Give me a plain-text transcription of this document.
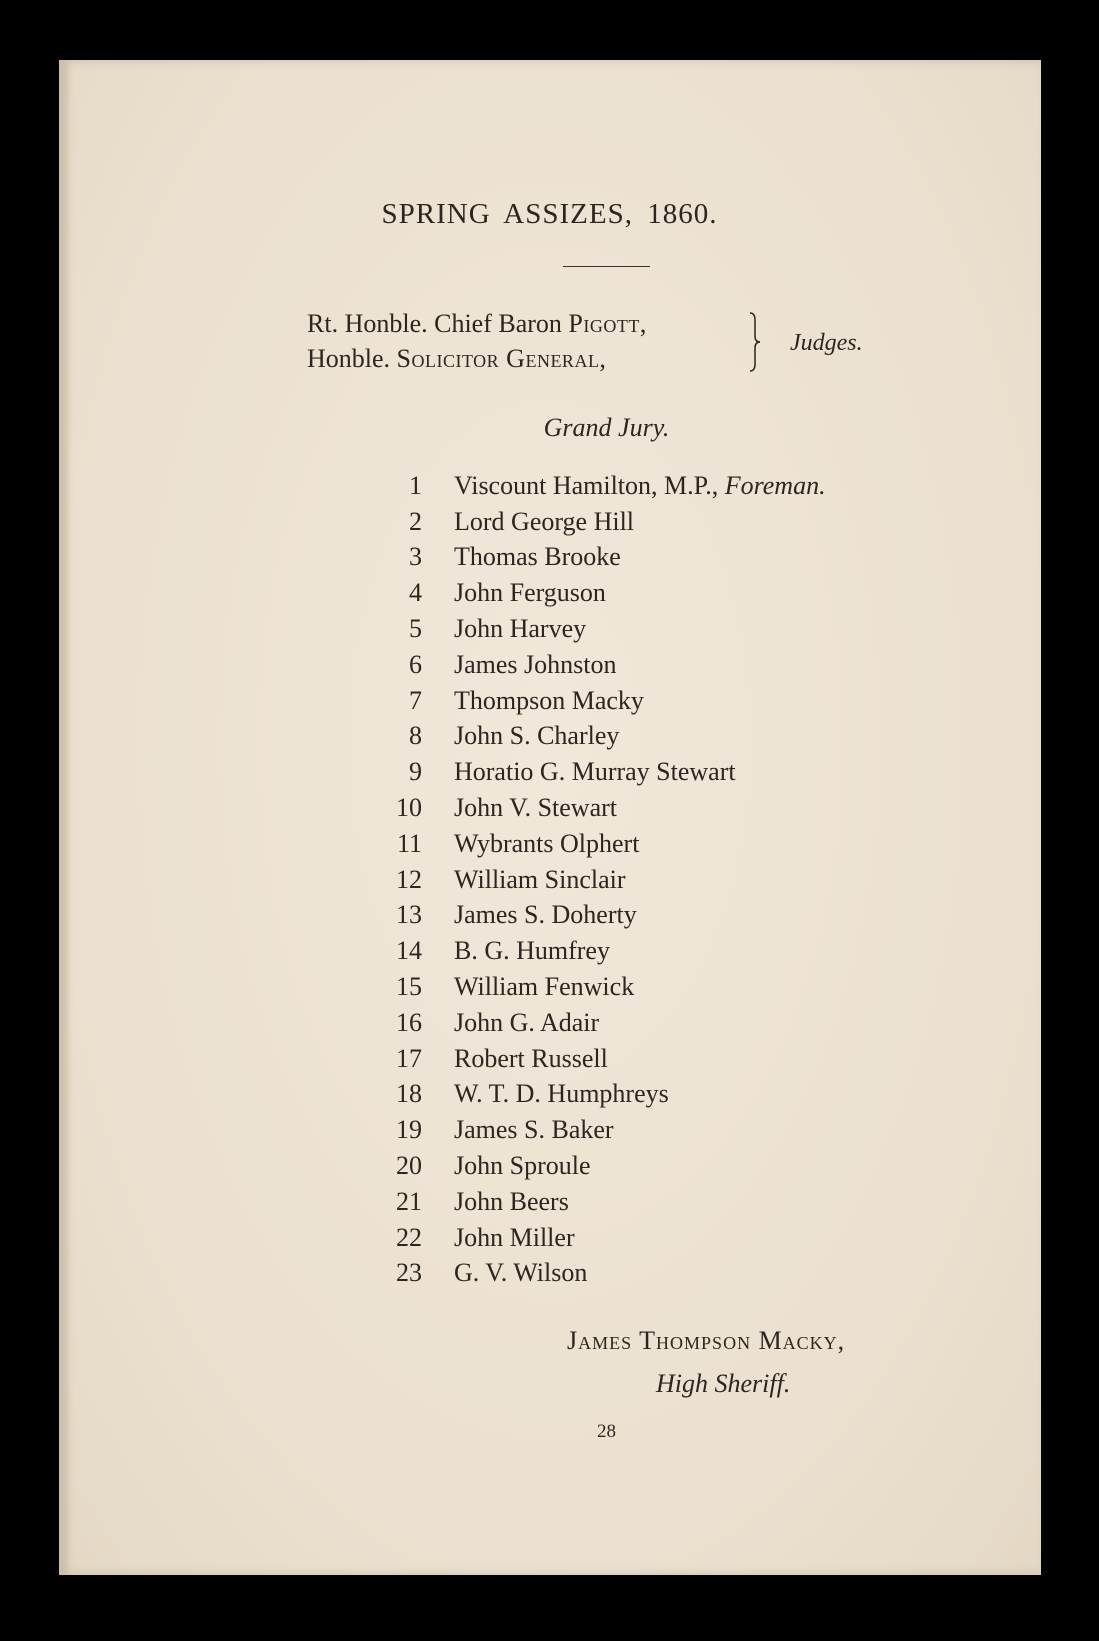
SPRING ASSIZES, 1860.
Rt. Honble. Chief Baron Pigott,
Honble. Solicitor General,
Judges.
Grand Jury.
1 Viscount Hamilton, M.P., Foreman.
2 Lord George Hill
3 Thomas Brooke
4 John Ferguson
5 John Harvey
6 James Johnston
7 Thompson Macky
8 John S. Charley
9 Horatio G. Murray Stewart
10 John V. Stewart
11 Wybrants Olphert
12 William Sinclair
13 James S. Doherty
14 B. G. Humfrey
15 William Fenwick
16 John G. Adair
17 Robert Russell
18 W. T. D. Humphreys
19 James S. Baker
20 John Sproule
21 John Beers
22 John Miller
23 G. V. Wilson
James Thompson Macky,
High Sheriff.
28
